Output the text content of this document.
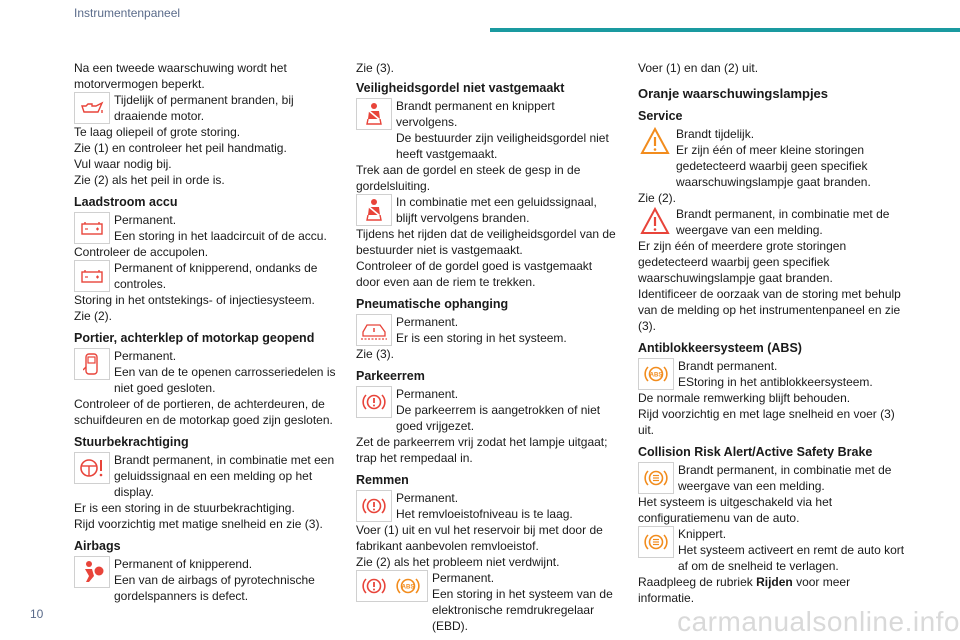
Instrumentenpaneel

Na een tweede waarschuwing wordt het motorvermogen beperkt.

Tijdelijk of permanent branden, bij draaiende motor.

Te laag oliepeil of grote storing.

Zie (1) en controleer het peil handmatig.

Vul waar nodig bij.

Zie (2) als het peil in orde is.

Laadstroom accu

Permanent.

Een storing in het laadcircuit of de accu.

Controleer de accupolen.

Permanent of knipperend, ondanks de controles.

Storing in het ontstekings- of injectiesysteem.

Zie (2).

Portier, achterklep of motorkap geopend

Permanent.

Een van de te openen carrosseriedelen is niet goed gesloten.

Controleer of de portieren, de achterdeuren, de schuifdeuren en de motorkap goed zijn gesloten.

Stuurbekrachtiging

Brandt permanent, in combinatie met een geluidssignaal en een melding op het display.

Er is een storing in de stuurbekrachtiging.

Rijd voorzichtig met matige snelheid en zie (3).

Airbags

Permanent of knipperend.

Een van de airbags of pyrotechnische gordelspanners is defect.

Zie (3).

Veiligheidsgordel niet vastgemaakt

Brandt permanent en knippert vervolgens.

De bestuurder zijn veiligheidsgordel niet heeft vastgemaakt.

Trek aan de gordel en steek de gesp in de gordelsluiting.

In combinatie met een geluidssignaal, blijft vervolgens branden.

Tijdens het rijden dat de veiligheidsgordel van de bestuurder niet is vastgemaakt.

Controleer of de gordel goed is vastgemaakt door even aan de riem te trekken.

Pneumatische ophanging

Permanent.

Er is een storing in het systeem.

Zie (3).

Parkeerrem

Permanent.

De parkeerrem is aangetrokken of niet goed vrijgezet.

Zet de parkeerrem vrij zodat het lampje uitgaat; trap het rempedaal in.

Remmen

Permanent.

Het remvloeistofniveau is te laag.

Voer (1) uit en vul het reservoir bij met door de fabrikant aanbevolen remvloeistof.

Zie (2) als het probleem niet verdwijnt.

ABS

Permanent.

Een storing in het systeem van de elektronische remdrukregelaar (EBD).

Voer (1) en dan (2) uit.

Oranje waarschuwingslampjes

Service

Brandt tijdelijk.

Er zijn één of meer kleine storingen gedetecteerd waarbij geen specifiek waarschuwingslampje gaat branden.

Zie (2).

Brandt permanent, in combinatie met de weergave van een melding.

Er zijn één of meerdere grote storingen gedetecteerd waarbij geen specifiek waarschuwingslampje gaat branden.

Identificeer de oorzaak van de storing met behulp van de melding op het instrumentenpaneel en zie (3).

Antiblokkeersysteem (ABS)

ABS

Brandt permanent.

EStoring in het antiblokkeersysteem.

De normale remwerking blijft behouden.

Rijd voorzichtig en met lage snelheid en voer (3) uit.

Collision Risk Alert/Active Safety Brake

Brandt permanent, in combinatie met de weergave van een melding.

Het systeem is uitgeschakeld via het configuratiemenu van de auto.

Knippert.

Het systeem activeert en remt de auto kort af om de snelheid te verlagen.

Raadpleeg de rubriek Rijden voor meer informatie.

10	carmanualsonline.info
